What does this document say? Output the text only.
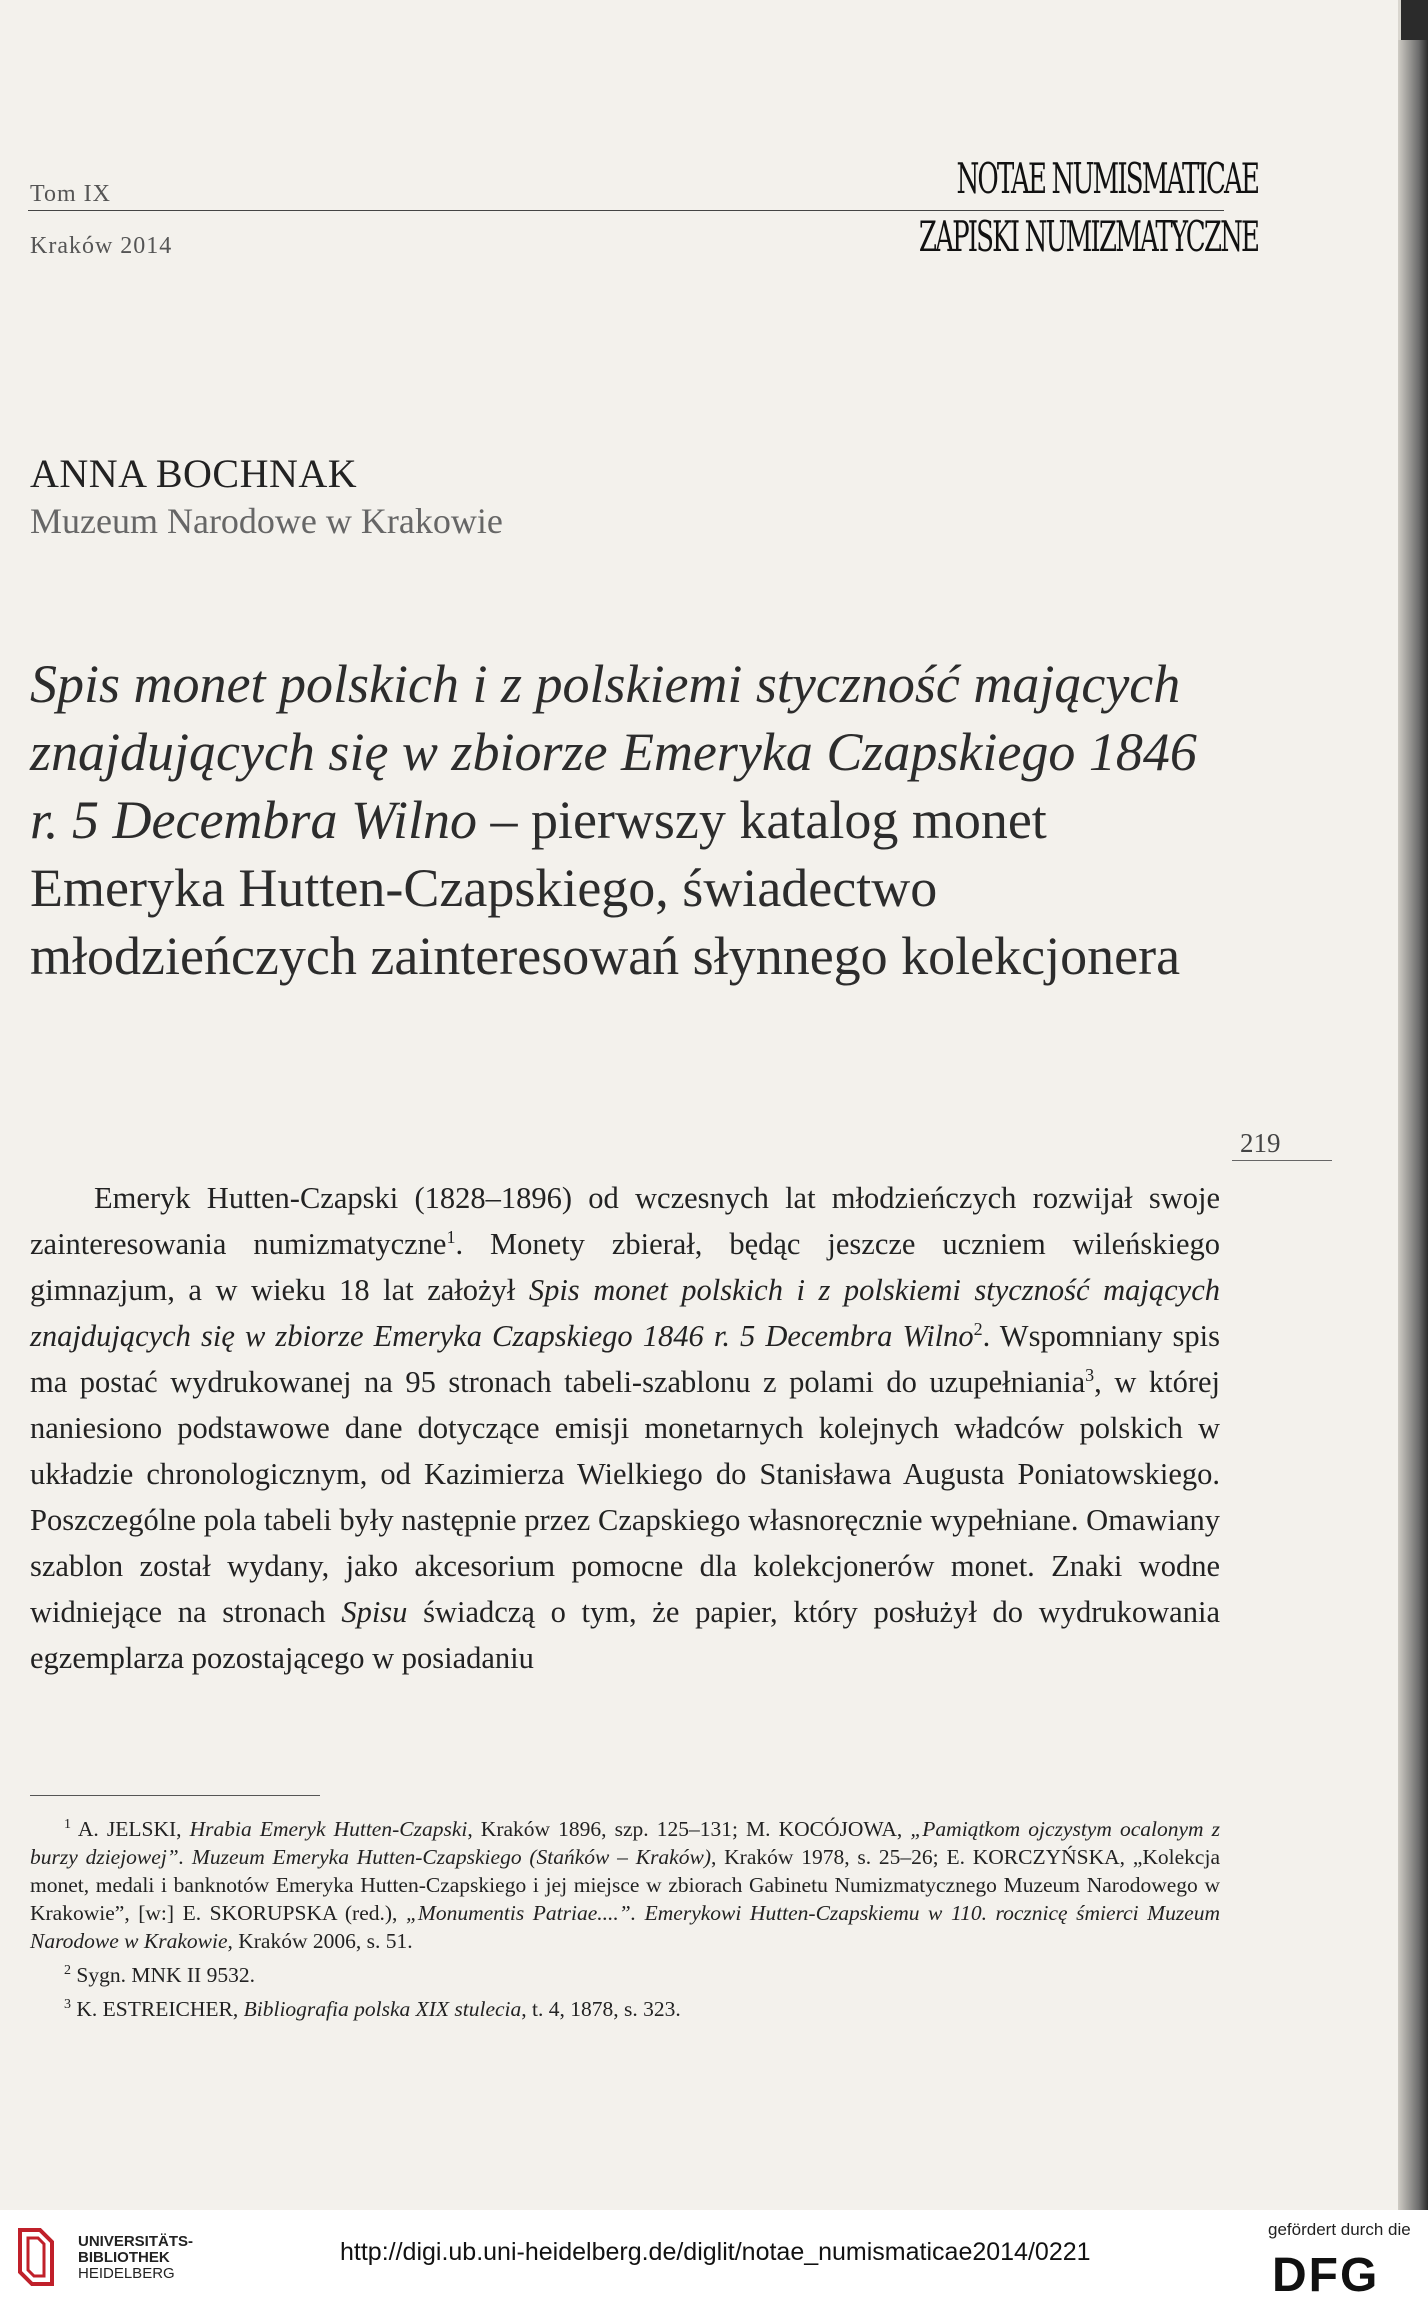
Tom IX
Kraków 2014
NOTAE NUMISMATICAE
ZAPISKI NUMIZMATYCZNE
ANNA BOCHNAK
Muzeum Narodowe w Krakowie
Spis monet polskich i z polskiemi styczność mających znajdujących się w zbiorze Emeryka Czapskiego 1846 r. 5 Decembra Wilno – pierwszy katalog monet Emeryka Hutten-Czapskiego, świadectwo młodzieńczych zainteresowań słynnego kolekcjonera
219
Emeryk Hutten-Czapski (1828–1896) od wczesnych lat młodzieńczych rozwijał swoje zainteresowania numizmatyczne$^1$. Monety zbierał, będąc jeszcze uczniem wileńskiego gimnazjum, a w wieku 18 lat założył Spis monet polskich i z polskiemi styczność mających znajdujących się w zbiorze Emeryka Czapskiego 1846 r. 5 Decembra Wilno$^2$. Wspomniany spis ma postać wydrukowanej na 95 stronach tabeli-szablonu z polami do uzupełniania$^3$, w której naniesiono podstawowe dane dotyczące emisji monetarnych kolejnych władców polskich w układzie chronologicznym, od Kazimierza Wielkiego do Stanisława Augusta Poniatowskiego. Poszczególne pola tabeli były następnie przez Czapskiego własnoręcznie wypełniane. Omawiany szablon został wydany, jako akcesorium pomocne dla kolekcjonerów monet. Znaki wodne widniejące na stronach Spisu świadczą o tym, że papier, który posłużył do wydrukowania egzemplarza pozostającego w posiadaniu

$^1$ A. JELSKI, Hrabia Emeryk Hutten-Czapski, Kraków 1896, szp. 125–131; M. KOCÓJOWA, „Pamiątkom ojczystym ocalonym z burzy dziejowej”. Muzeum Emeryka Hutten-Czapskiego (Stańków – Kraków), Kraków 1978, s. 25–26; E. KORCZYŃSKA, „Kolekcja monet, medali i banknotów Emeryka Hutten-Czapskiego i jej miejsce w zbiorach Gabinetu Numizmatycznego Muzeum Narodowego w Krakowie”, [w:] E. SKORUPSKA (red.), „Monumentis Patriae....”. Emerykowi Hutten-Czapskiemu w 110. rocznicę śmierci Muzeum Narodowe w Krakowie, Kraków 2006, s. 51.

$^2$ Sygn. MNK II 9532.

$^3$ K. ESTREICHER, Bibliografia polska XIX stulecia, t. 4, 1878, s. 323.

UNIVERSITÄTS-
BIBLIOTHEK
HEIDELBERG
http://digi.ub.uni-heidelberg.de/diglit/notae_numismaticae2014/0221
gefördert durch die
DFG
